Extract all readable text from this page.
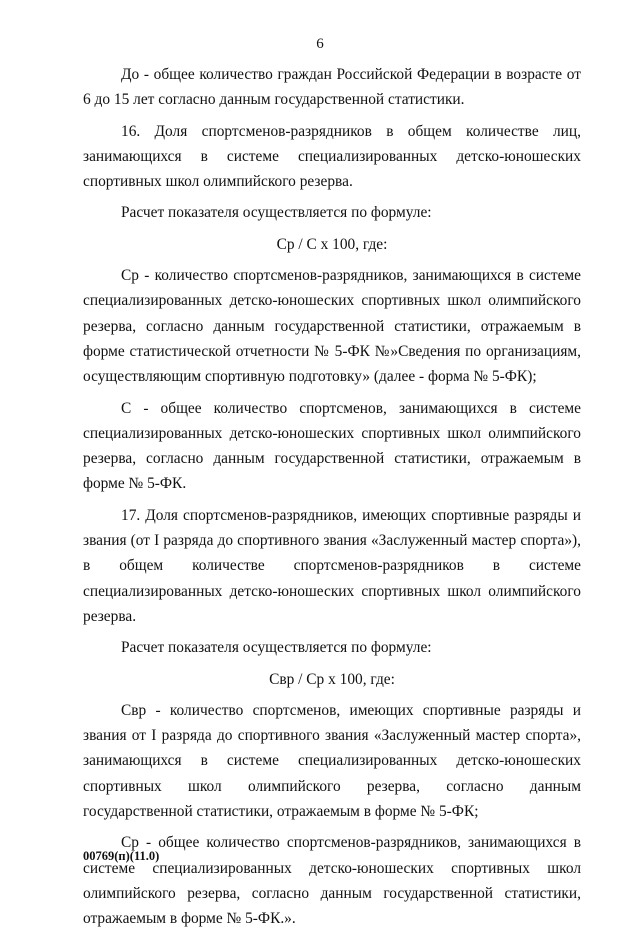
6

До - общее количество граждан Российской Федерации в возрасте от 6 до 15 лет согласно данным государственной статистики.

16. Доля спортсменов-разрядников в общем количестве лиц, занимающихся в системе специализированных детско-юношеских спортивных школ олимпийского резерва.

Расчет показателя осуществляется по формуле:

Ср / С х 100, где:

Ср - количество спортсменов-разрядников, занимающихся в системе специализированных детско-юношеских спортивных школ олимпийского резерва, согласно данным государственной статистики, отражаемым в форме статистической отчетности № 5-ФК №»Сведения по организациям, осуществляющим спортивную подготовку» (далее - форма № 5-ФК);

С - общее количество спортсменов, занимающихся в системе специализированных детско-юношеских спортивных школ олимпийского резерва, согласно данным государственной статистики, отражаемым в форме № 5-ФК.

17. Доля спортсменов-разрядников, имеющих спортивные разряды и звания (от I разряда до спортивного звания «Заслуженный мастер спорта»), в общем количестве спортсменов-разрядников в системе специализированных детско-юношеских спортивных школ олимпийского резерва.

Расчет показателя осуществляется по формуле:

Свр / Ср х 100, где:

Свр - количество спортсменов, имеющих спортивные разряды и звания от I разряда до спортивного звания «Заслуженный мастер спорта», занимающихся в системе специализированных детско-юношеских спортивных школ олимпийского резерва, согласно данным государственной статистики, отражаемым в форме № 5-ФК;

Ср - общее количество спортсменов-разрядников, занимающихся в системе специализированных детско-юношеских спортивных школ олимпийского резерва, согласно данным государственной статистики, отражаемым в форме № 5-ФК.».

00769(п)(11.0)
